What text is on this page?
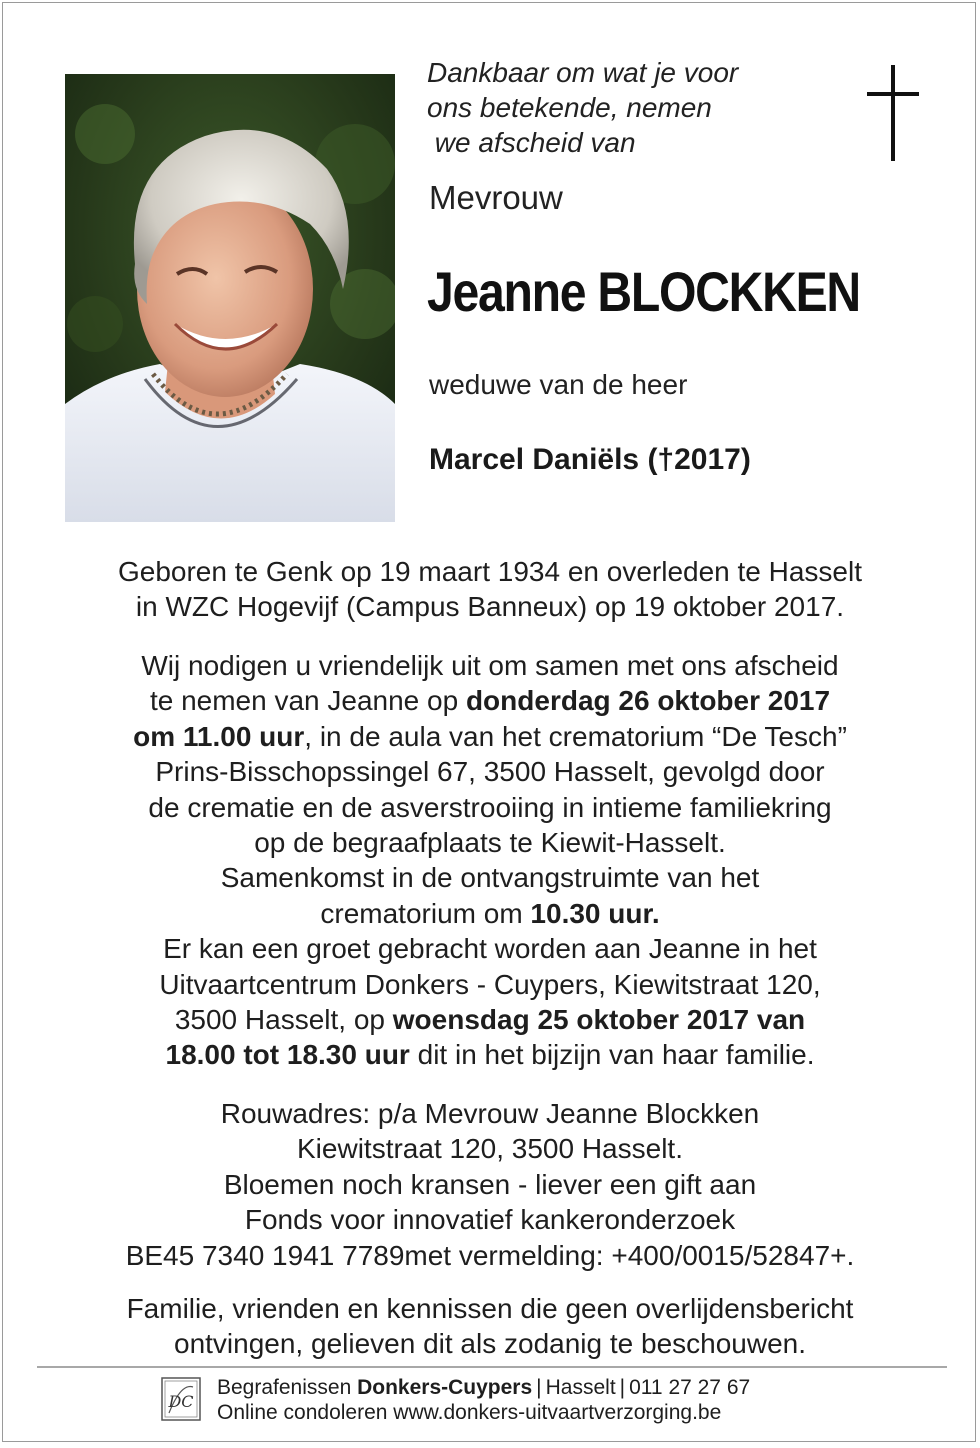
Dankbaar om wat je voor
ons betekende, nemen
we afscheid van
Mevrouw
Jeanne BLOCKKEN
weduwe van de heer
Marcel Daniëls (†2017)
Geboren te Genk op 19 maart 1934 en overleden te Hasselt
in WZC Hogevijf (Campus Banneux) op 19 oktober 2017.
Wij nodigen u vriendelijk uit om samen met ons afscheid
te nemen van Jeanne op donderdag 26 oktober 2017
om 11.00 uur, in de aula van het crematorium “De Tesch”
Prins-Bisschopssingel 67, 3500 Hasselt, gevolgd door
de crematie en de asverstrooiing in intieme familiekring
op de begraafplaats te Kiewit-Hasselt.
Samenkomst in de ontvangstruimte van het
crematorium om 10.30 uur.
Er kan een groet gebracht worden aan Jeanne in het
Uitvaartcentrum Donkers - Cuypers, Kiewitstraat 120,
3500 Hasselt, op woensdag 25 oktober 2017 van
18.00 tot 18.30 uur dit in het bijzijn van haar familie.
Rouwadres: p/a Mevrouw Jeanne Blockken
Kiewitstraat 120, 3500 Hasselt.
Bloemen noch kransen - liever een gift aan
Fonds voor innovatief kankeronderzoek
BE45 7340 1941 7789met vermelding: +400/0015/52847+.
Familie, vrienden en kennissen die geen overlijdensbericht
ontvingen, gelieven dit als zodanig te beschouwen.
DC
Begrafenissen Donkers-Cuypers | Hasselt | 011 27 27 67
Online condoleren www.donkers-uitvaartverzorging.be
